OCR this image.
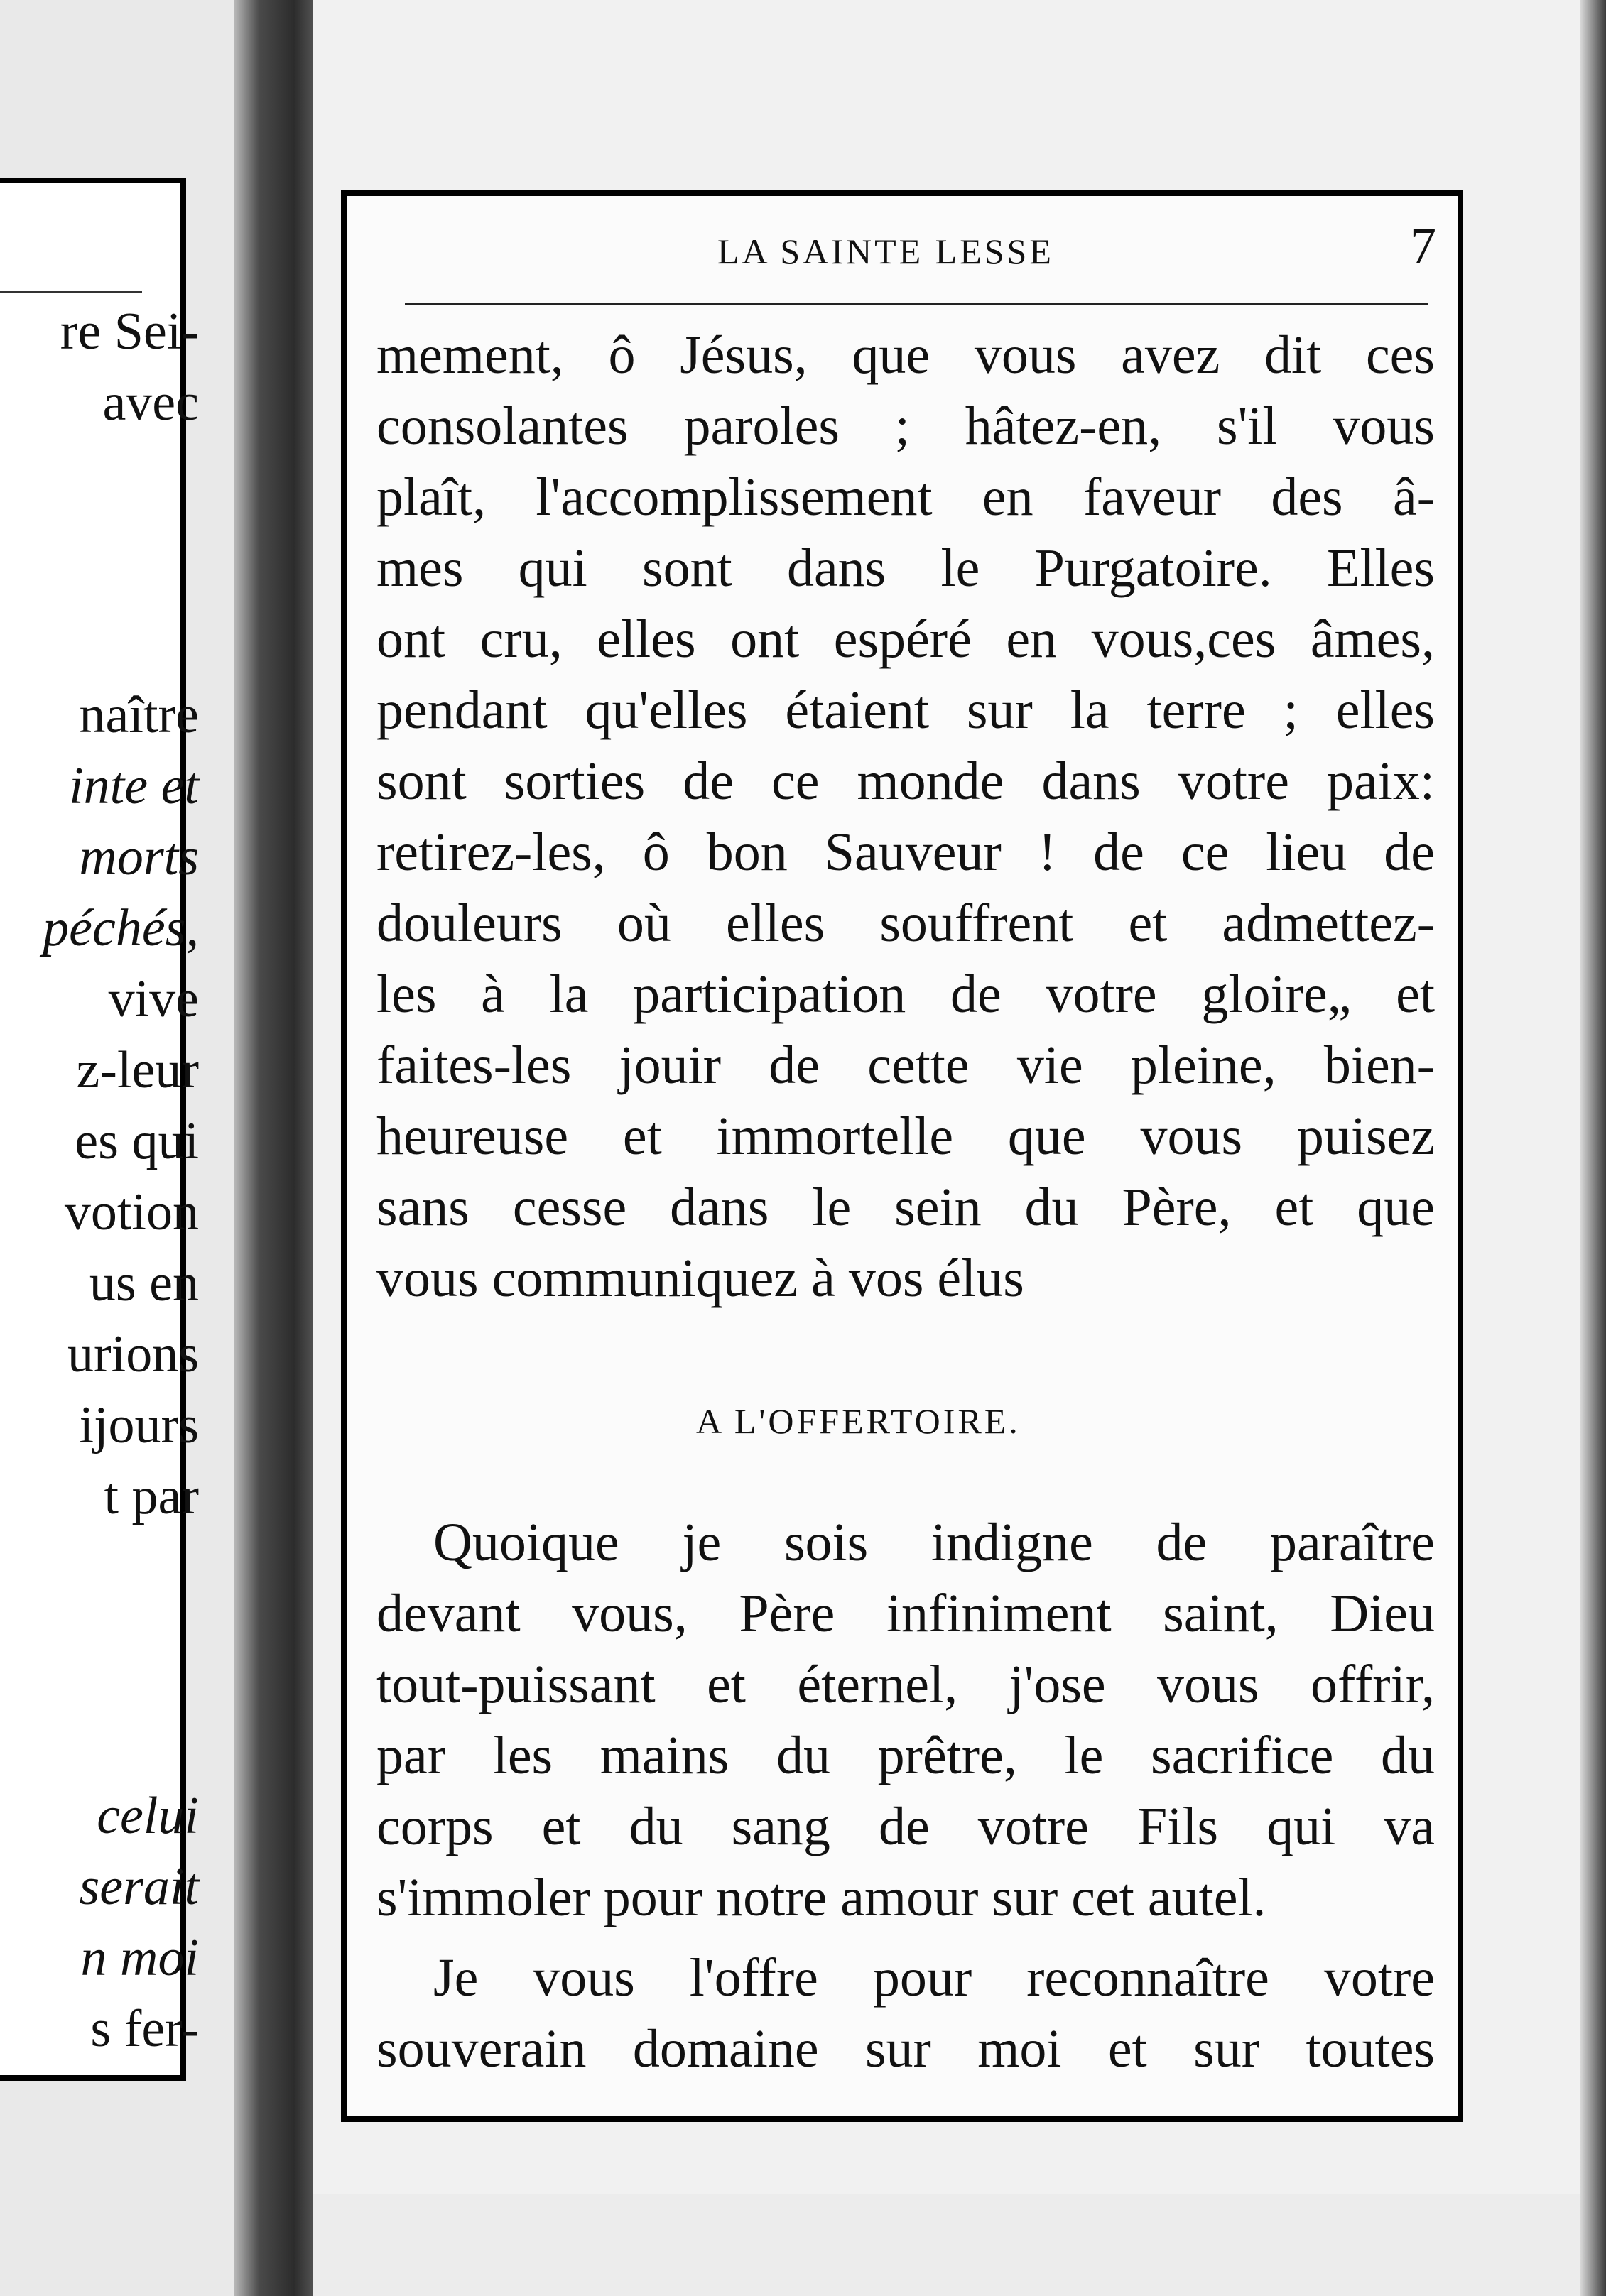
re Sei-
avec
naître
inte et
morts
péchés,
vive
z-leur
es qui
votion
us en
urions
ijours
t par
celui
serait
n moi
s fer-
LA SAINTE LESSE	7
mement, ô Jésus, que vous avez dit ces
consolantes paroles ; hâtez-en, s'il vous
plaît, l'accomplissement en faveur des â-
mes qui sont dans le Purgatoire. Elles
ont cru, elles ont espéré en vous,ces âmes,
pendant qu'elles étaient sur la terre ; elles
sont sorties de ce monde dans votre paix:
retirez-les, ô bon Sauveur ! de ce lieu de
douleurs où elles souffrent et admettez-
les à la participation de votre gloire„ et
faites-les jouir de cette vie pleine, bien-
heureuse et immortelle que vous puisez
sans cesse dans le sein du Père, et que
vous communiquez à vos élus
A L'OFFERTOIRE.
Quoique je sois indigne de paraître
devant vous, Père infiniment saint, Dieu
tout-puissant et éternel, j'ose vous offrir,
par les mains du prêtre, le sacrifice du
corps et du sang de votre Fils qui va
s'immoler pour notre amour sur cet autel.
Je vous l'offre pour reconnaître votre
souverain domaine sur moi et sur toutes
